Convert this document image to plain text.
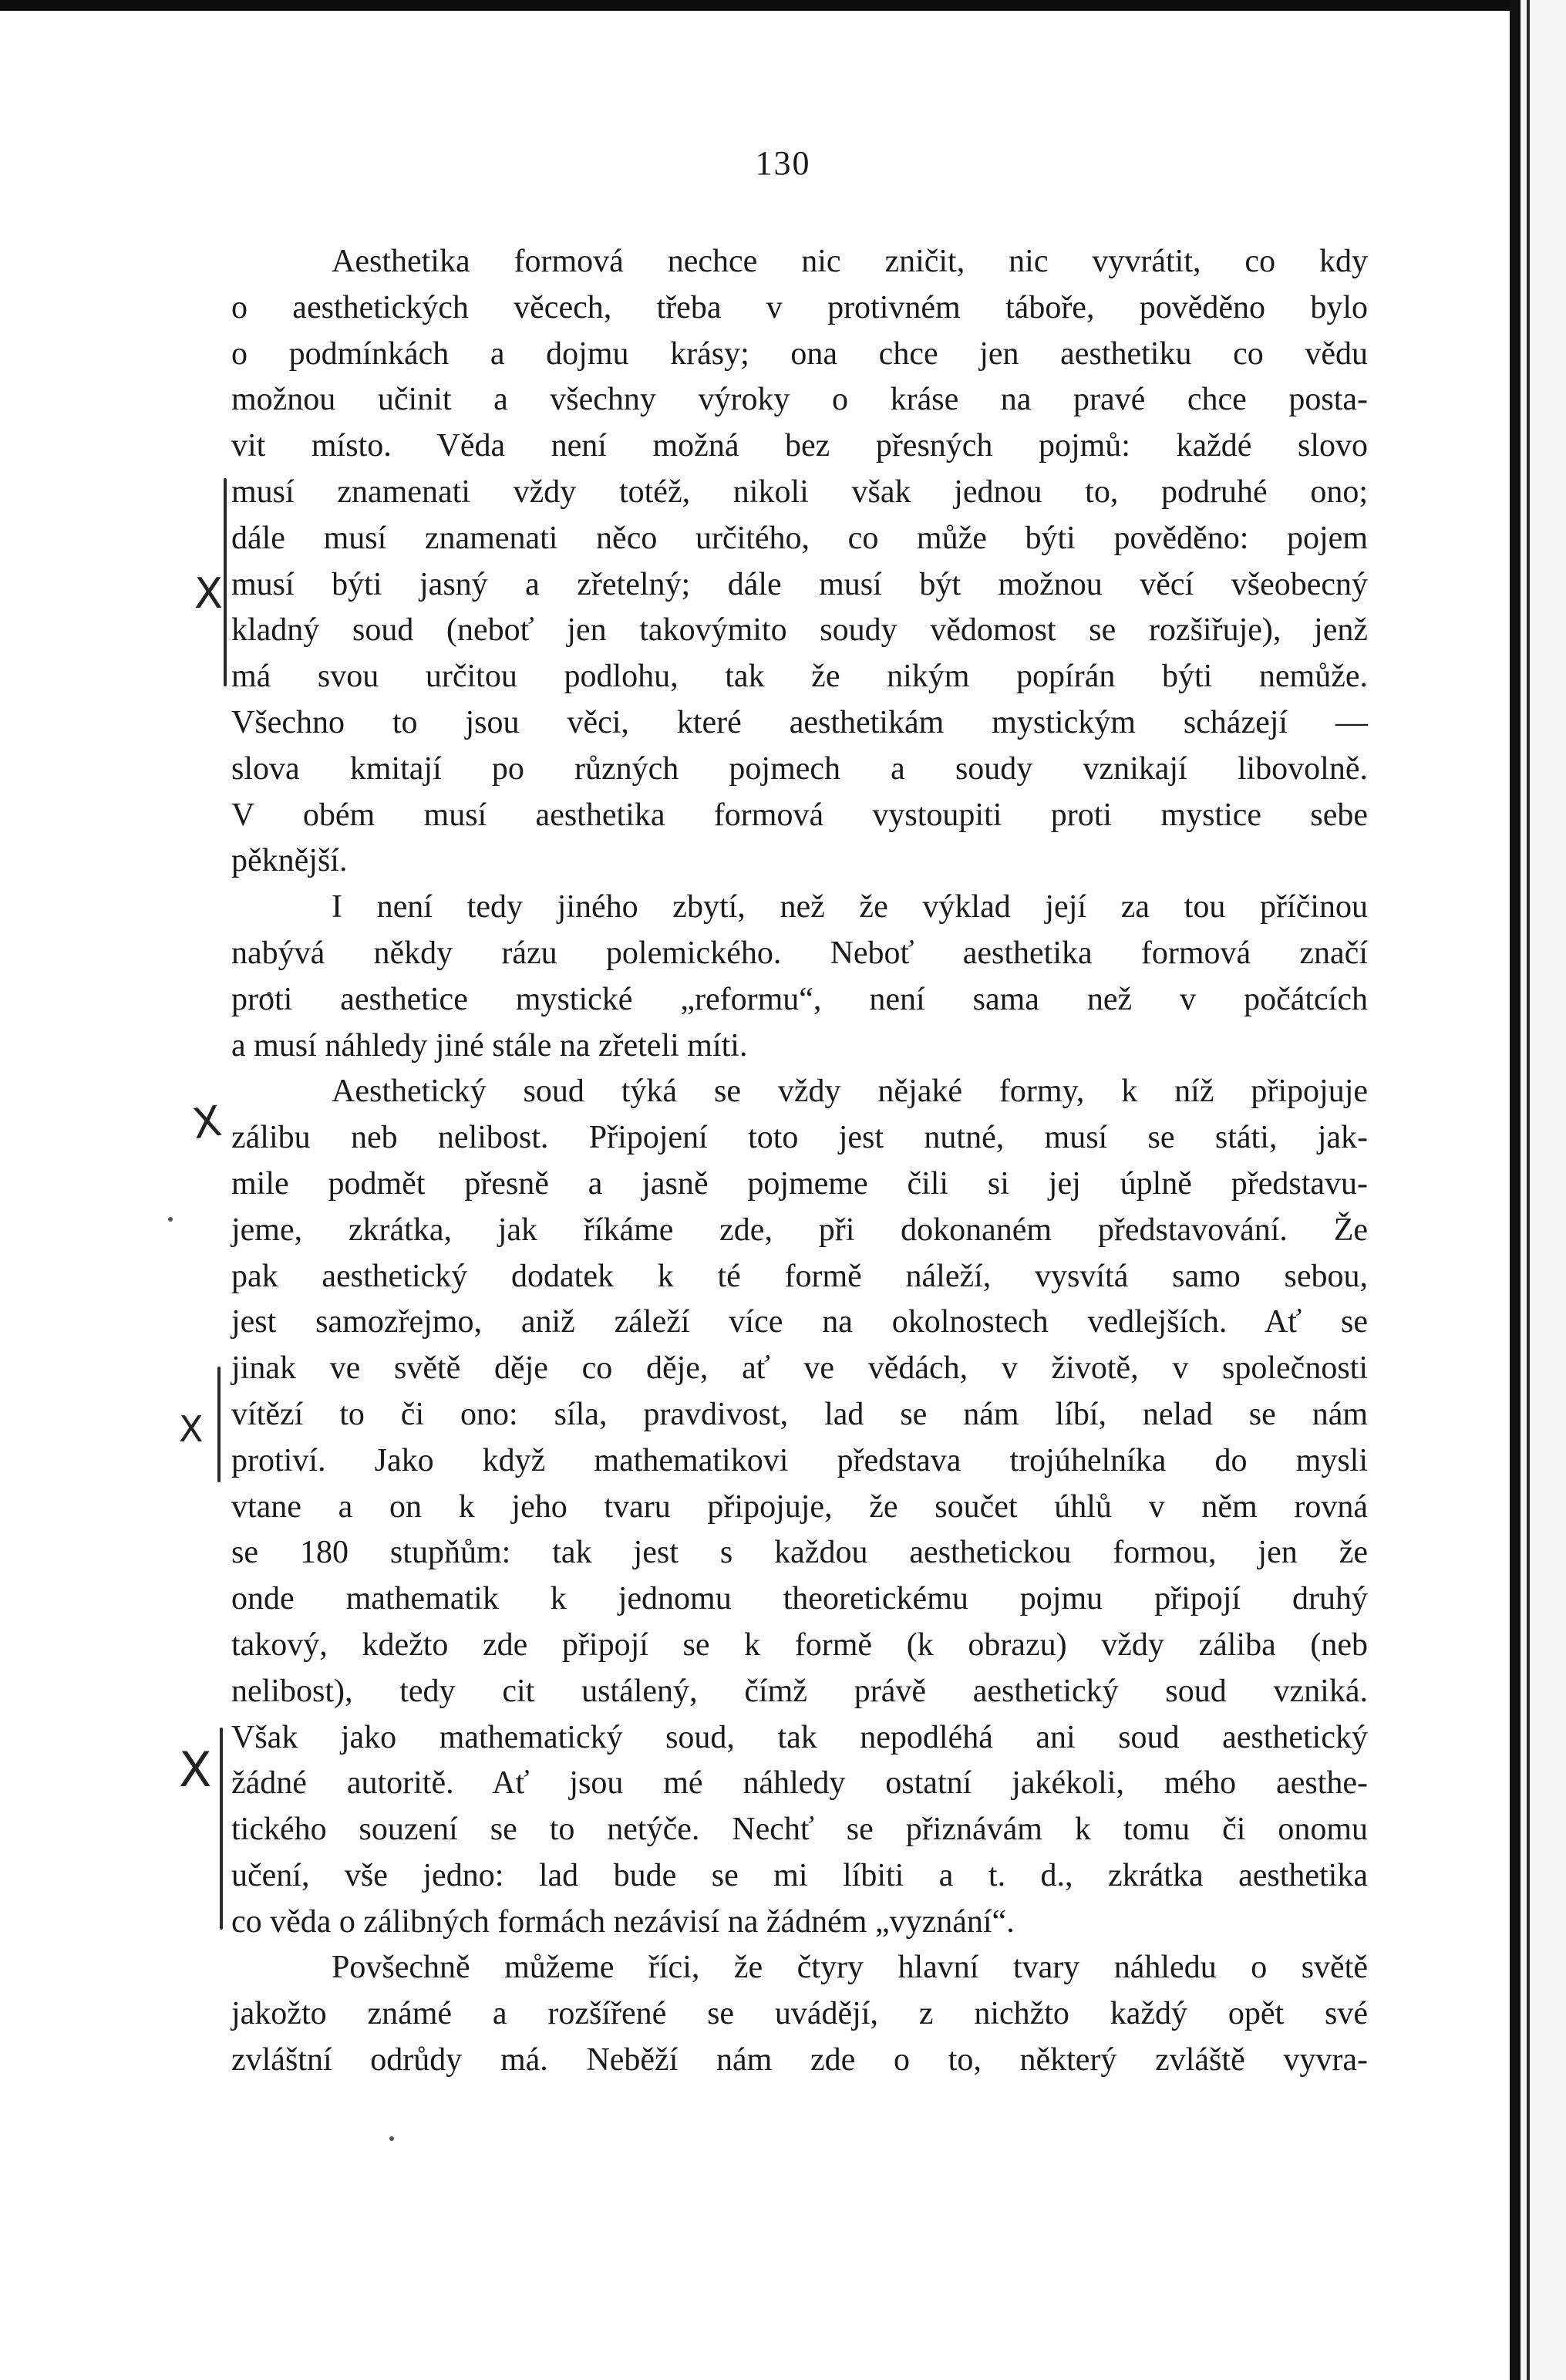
130
X
X
X
X
Aesthetika formová nechce nic zničit, nic vyvrátit, co kdy
o aesthetických věcech, třeba v protivném táboře, pověděno bylo
o podmínkách a dojmu krásy; ona chce jen aesthetiku co vědu
možnou učinit a všechny výroky o kráse na pravé chce posta-
vit místo. Věda není možná bez přesných pojmů: každé slovo
musí znamenati vždy totéž, nikoli však jednou to, podruhé ono;
dále musí znamenati něco určitého, co může býti pověděno: pojem
musí býti jasný a zřetelný; dále musí být možnou věcí všeobecný
kladný soud (neboť jen takovýmito soudy vědomost se rozšiřuje), jenž
má svou určitou podlohu, tak že nikým popírán býti nemůže.
Všechno to jsou věci, které aesthetikám mystickým scházejí —
slova kmitají po různých pojmech a soudy vznikají libovolně.
V obém musí aesthetika formová vystoupiti proti mystice sebe
pěknější.
I není tedy jiného zbytí, než že výklad její za tou příčinou
nabývá někdy rázu polemického. Neboť aesthetika formová značí
proti aesthetice mystické „reformu“, není sama než v počátcích
a musí náhledy jiné stále na zřeteli míti.
Aesthetický soud týká se vždy nějaké formy, k níž připojuje
zálibu neb nelibost. Připojení toto jest nutné, musí se státi, jak-
mile podmět přesně a jasně pojmeme čili si jej úplně představu-
jeme, zkrátka, jak říkáme zde, při dokonaném představování. Že
pak aesthetický dodatek k té formě náleží, vysvítá samo sebou,
jest samozřejmo, aniž záleží více na okolnostech vedlejších. Ať se
jinak ve světě děje co děje, ať ve vědách, v životě, v společnosti
vítězí to či ono: síla, pravdivost, lad se nám líbí, nelad se nám
protiví. Jako když mathematikovi představa trojúhelníka do mysli
vtane a on k jeho tvaru připojuje, že součet úhlů v něm rovná
se 180 stupňům: tak jest s každou aesthetickou formou, jen že
onde mathematik k jednomu theoretickému pojmu připojí druhý
takový, kdežto zde připojí se k formě (k obrazu) vždy záliba (neb
nelibost), tedy cit ustálený, čímž právě aesthetický soud vzniká.
Však jako mathematický soud, tak nepodléhá ani soud aesthetický
žádné autoritě. Ať jsou mé náhledy ostatní jakékoli, mého aesthe-
tického souzení se to netýče. Nechť se přiznávám k tomu či onomu
učení, vše jedno: lad bude se mi líbiti a t. d., zkrátka aesthetika
co věda o zálibných formách nezávisí na žádném „vyznání“.
Povšechně můžeme říci, že čtyry hlavní tvary náhledu o světě
jakožto známé a rozšířené se uvádějí, z nichžto každý opět své
zvláštní odrůdy má. Neběží nám zde o to, některý zvláště vyvra-
